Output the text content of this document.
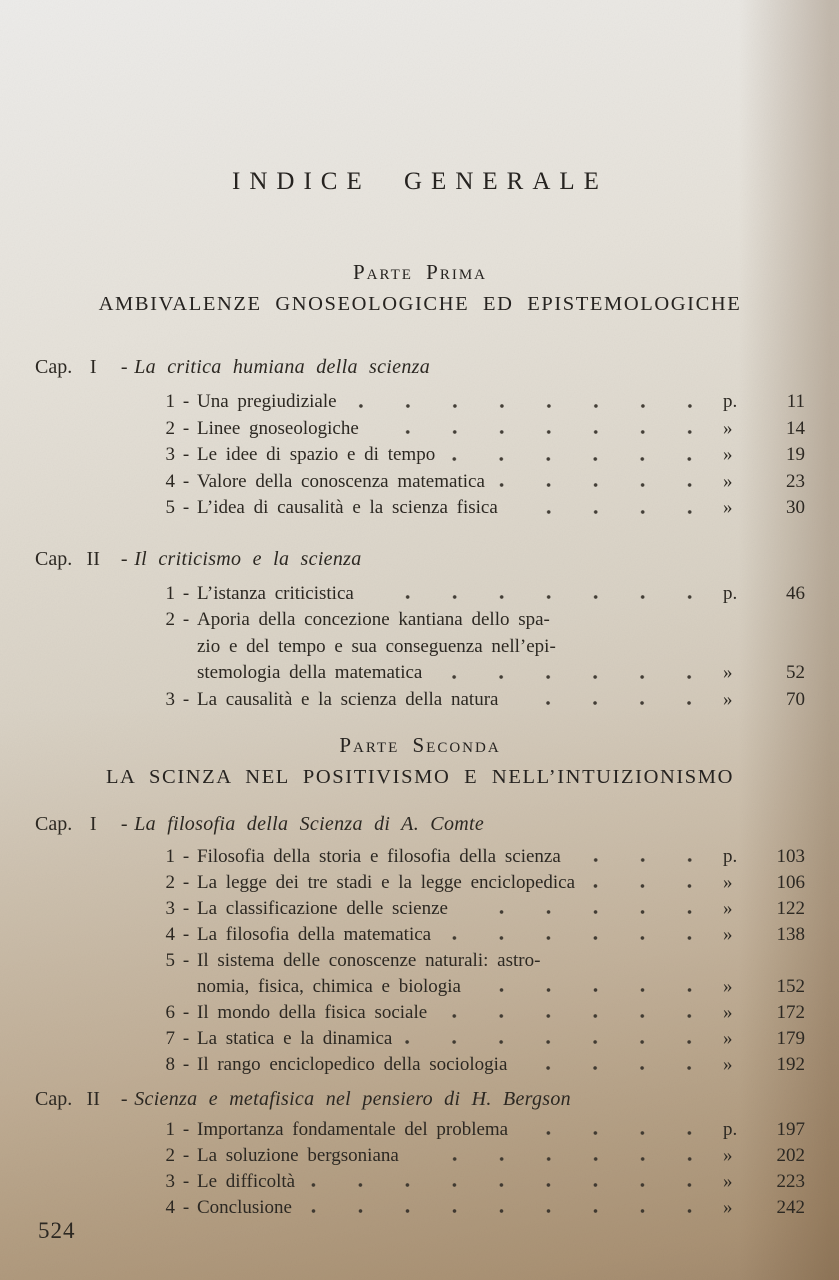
INDICE GENERALE
Parte Prima
AMBIVALENZE GNOSEOLOGICHE ED EPISTEMOLOGICHE
Cap. I	- La critica humiana della scienza
1 - Una pregiudiziale	p.	11
2 - Linee gnoseologiche	»	14
3 - Le idee di spazio e di tempo	»	19
4 - Valore della conoscenza matematica	»	23
5 - L’idea di causalità e la scienza fisica	»	30
Cap. II	- Il criticismo e la scienza
1 - L’istanza criticistica	p.	46
2 - Aporia della concezione kantiana dello spa-
zio e del tempo e sua conseguenza nell’epi-
stemologia della matematica	»	52
3 - La causalità e la scienza della natura	»	70
Parte Seconda
LA SCINZA NEL POSITIVISMO E NELL’INTUIZIONISMO
Cap. I	- La filosofia della Scienza di A. Comte
1 - Filosofia della storia e filosofia della scienza	p.	103
2 - La legge dei tre stadi e la legge enciclopedica	»	106
3 - La classificazione delle scienze	»	122
4 - La filosofia della matematica	»	138
5 - Il sistema delle conoscenze naturali: astro-
nomia, fisica, chimica e biologia	»	152
6 - Il mondo della fisica sociale	»	172
7 - La statica e la dinamica	»	179
8 - Il rango enciclopedico della sociologia	»	192
Cap. II	- Scienza e metafisica nel pensiero di H. Bergson
1 - Importanza fondamentale del problema	p.	197
2 - La soluzione bergsoniana	»	202
3 - Le difficoltà	»	223
4 - Conclusione	»	242
524
